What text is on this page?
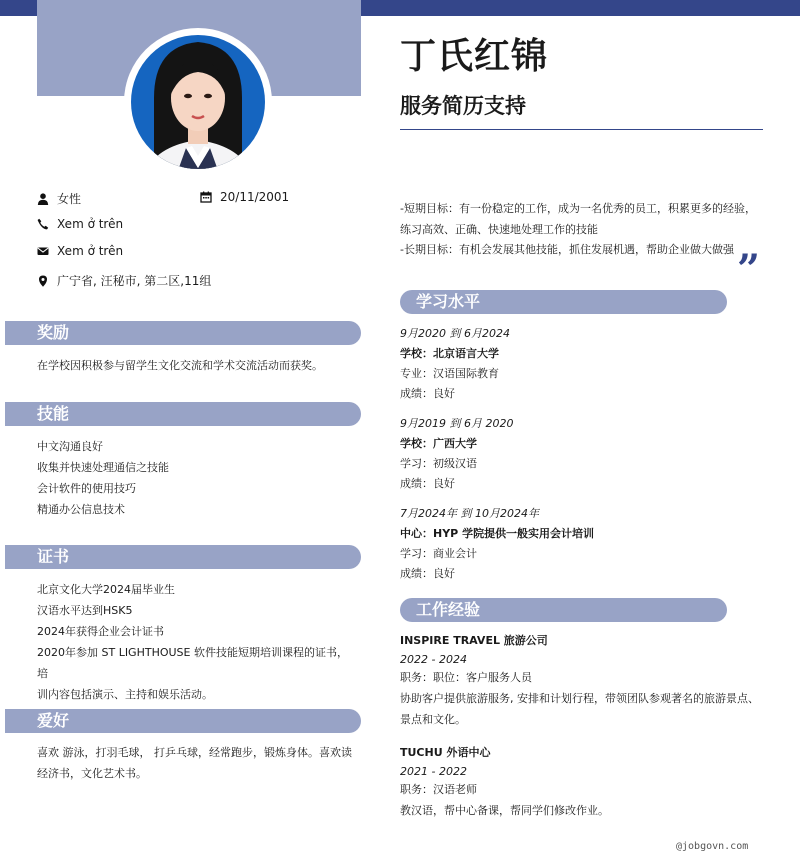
丁氏红锦
服务简历支持
女性	20/11/2001
Xem ở trên
Xem ở trên
广宁省, 汪秘市, 第二区,11组
-短期目标：有一份稳定的工作，成为一名优秀的员工，积累更多的经验，
练习高效、正确、快速地处理工作的技能
-长期目标：有机会发展其他技能，抓住发展机遇，帮助企业做大做强 ”
奖励
在学校因积极参与留学生文化交流和学术交流活动而获奖。
技能
中文沟通良好
收集并快速处理通信之技能
会计软件的使用技巧
精通办公信息技术
证书
北京文化大学2024届毕业生
汉语水平达到HSK5
2024年获得企业会计证书
2020年参加 ST LIGHTHOUSE 软件技能短期培训课程的证书，培
训内容包括演示、主持和娱乐活动。
爱好
喜欢 游泳，打羽毛球， 打乒乓球，经常跑步，锻炼身体。喜欢读
经济书，文化艺术书。
学习水平
9月2020 到 6月2024
学校：北京语言大学
专业：汉语国际教育
成绩：良好
9月2019 到 6月 2020
学校：广西大学
学习：初级汉语
成绩：良好
7月2024年 到 10月2024年
中心：HYP 学院提供一般实用会计培训
学习：商业会计
成绩：良好
工作经验
INSPIRE TRAVEL 旅游公司
2022 - 2024
职务：职位：客户服务人员
协助客户提供旅游服务, 安排和计划行程，带领团队参观著名的旅游景点、
景点和文化。
TUCHU 外语中心
2021 - 2022
职务：汉语老师
教汉语，帮中心备课，帮同学们修改作业。
@jobgovn.com
